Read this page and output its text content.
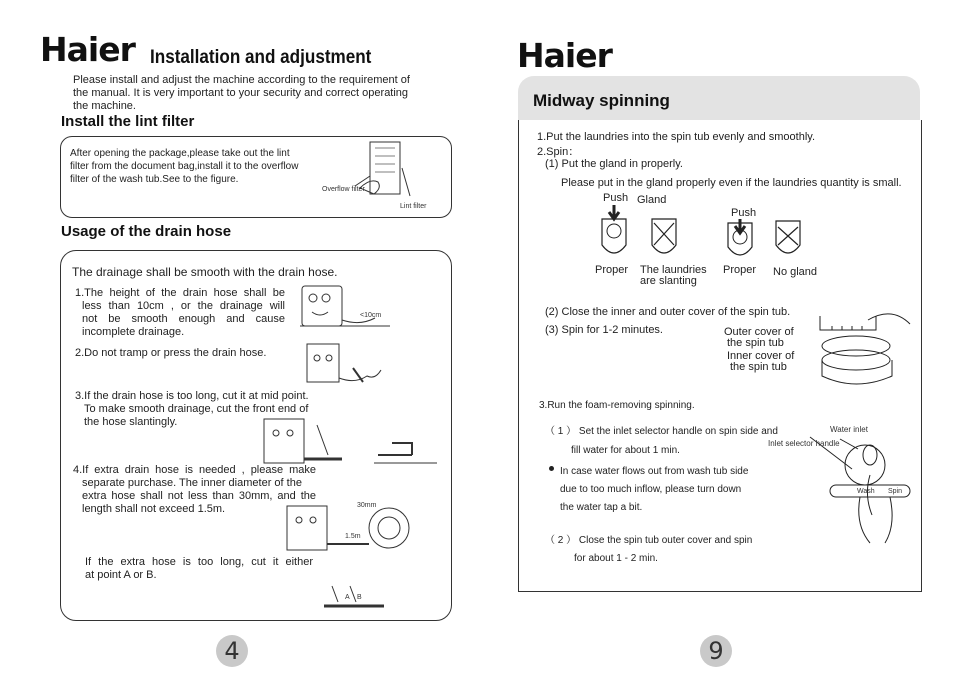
Haier Installation and adjustment
Please install and adjust the machine according to the requirement of
the manual. It is very important to your security and correct operating
the machine.
Install the lint filter
After opening the package,please take out the lint
filter from the document bag,install it to the overflow
filter of the wash tub.See to the figure.
Overflow filter
Lint filter
Usage of the drain hose
The drainage shall be smooth with the drain hose.
1.The height of the drain hose shall be
less than 10cm , or the drainage will
not be smooth enough and cause
incomplete drainage.
<10cm
2.Do not tramp or press the drain hose.
3.If the drain hose is too long, cut it at mid point.
To make smooth drainage, cut the front end of
the hose slantingly.
4.If extra drain hose is needed , please make
separate purchase. The inner diameter of the
extra hose shall not less than 30mm, and the
length shall not exceed 1.5m.	30mm
1.5m
If the extra hose is too long, cut it either
at point A or B.
A B
4
Haier
Midway spinning
1.Put the laundries into the spin tub evenly and smoothly.
2.Spin：
(1) Put the gland in properly.
Please put in the gland properly even if the laundries quantity is small.
Push Gland
Push
Proper The laundries
are slanting
Proper No gland
(2) Close the inner and outer cover of the spin tub.
(3) Spin for 1-2 minutes.	Outer cover of
the spin tub
Inner cover of
the spin tub
3.Run the foam-removing spinning.
（ 1 ） Set the inlet selector handle on spin side and
fill water for about 1 min.
In case water flows out from wash tub side
due to too much inflow, please turn down
the water tap a bit.
（ 2 ） Close the spin tub outer cover and spin
for about 1 - 2 min.
Water inlet
Inlet selector handle
Wash Spin
9
